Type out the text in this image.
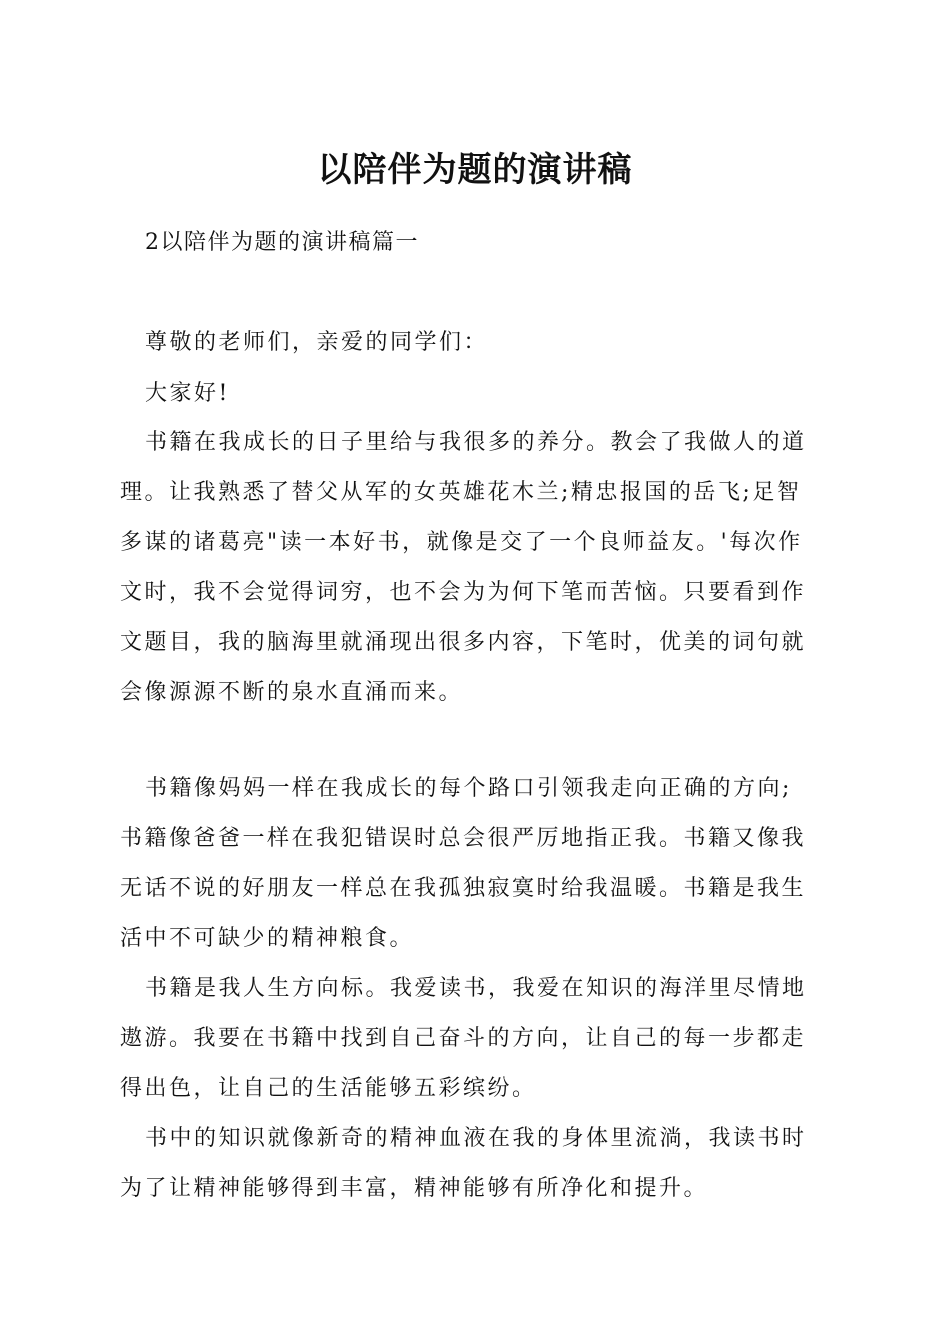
以陪伴为题的演讲稿
2以陪伴为题的演讲稿篇一
尊敬的老师们，亲爱的同学们：
大家好!
书籍在我成长的日子里给与我很多的养分。教会了我做人的道
理。让我熟悉了替父从军的女英雄花木兰;精忠报国的岳飞;足智
多谋的诸葛亮"读一本好书，就像是交了一个良师益友。'每次作
文时，我不会觉得词穷，也不会为为何下笔而苦恼。只要看到作
文题目，我的脑海里就涌现出很多内容，下笔时，优美的词句就
会像源源不断的泉水直涌而来。
书籍像妈妈一样在我成长的每个路口引领我走向正确的方向;
书籍像爸爸一样在我犯错误时总会很严厉地指正我。书籍又像我
无话不说的好朋友一样总在我孤独寂寞时给我温暖。书籍是我生
活中不可缺少的精神粮食。
书籍是我人生方向标。我爱读书，我爱在知识的海洋里尽情地
遨游。我要在书籍中找到自己奋斗的方向，让自己的每一步都走
得出色，让自己的生活能够五彩缤纷。
书中的知识就像新奇的精神血液在我的身体里流淌，我读书时
为了让精神能够得到丰富，精神能够有所净化和提升。
